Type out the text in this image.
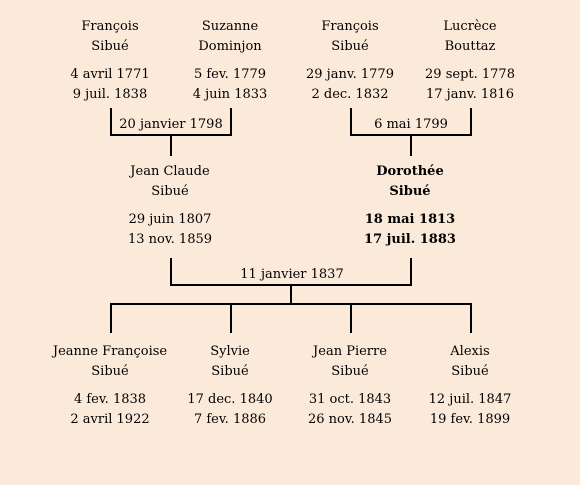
François
Sibué
4 avril 1771
9 juil. 1838
Suzanne
Dominjon
5 fev. 1779
4 juin 1833
François
Sibué
29 janv. 1779
2 dec. 1832
Lucrèce
Bouttaz
29 sept. 1778
17 janv. 1816
20 janvier 1798	6 mai 1799
Jean Claude
Sibué
29 juin 1807
13 nov. 1859
Dorothée
Sibué
18 mai 1813
17 juil. 1883
11 janvier 1837
Jeanne Françoise
Sibué
4 fev. 1838
2 avril 1922
Sylvie
Sibué
17 dec. 1840
7 fev. 1886
Jean Pierre
Sibué
31 oct. 1843
26 nov. 1845
Alexis
Sibué
12 juil. 1847
19 fev. 1899
